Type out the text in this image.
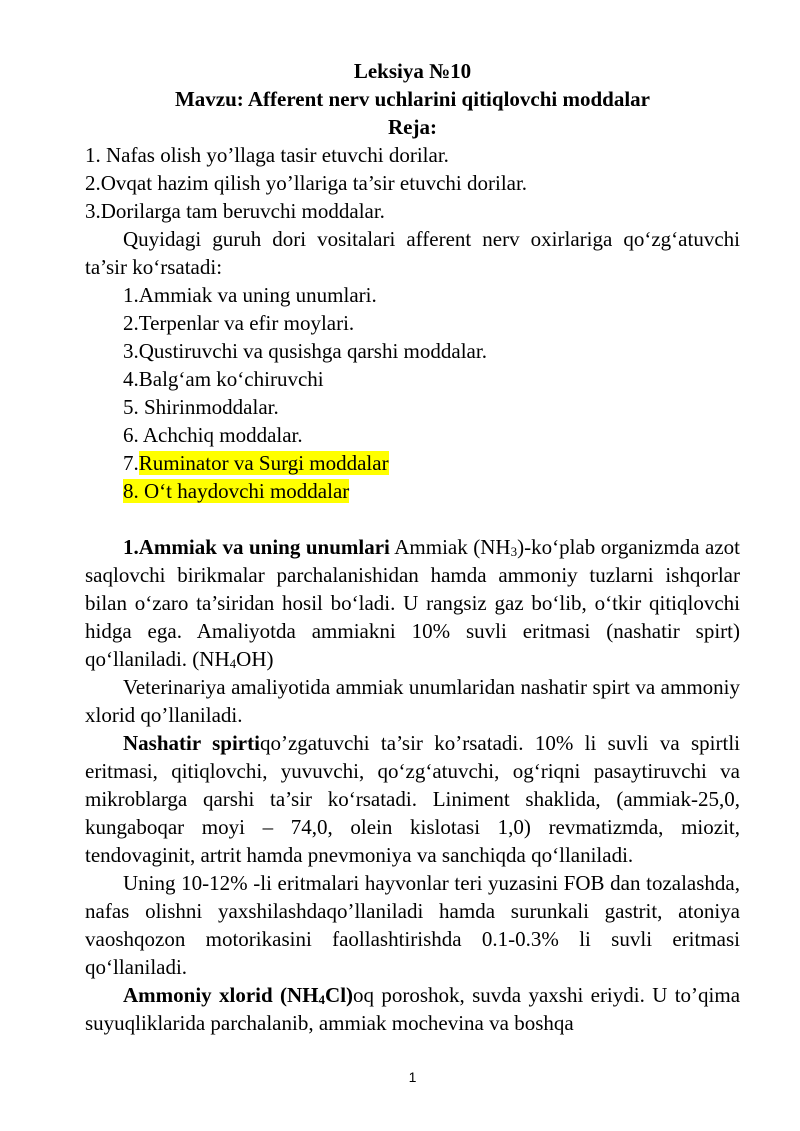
Leksiya №10
Mavzu: Afferent nerv uchlarini qitiqlovchi moddalar
Reja:
1. Nafas olish yo’llaga tasir etuvchi dorilar.
2.Ovqat hazim qilish yo’llariga ta’sir etuvchi dorilar.
3.Dorilarga tam beruvchi moddalar.
Quyidagi guruh dori vositalari afferent nerv oxirlariga qoʻzgʻatuvchi ta’sir koʻrsatadi:
1.Ammiak va uning unumlari.
2.Terpenlar va efir moylari.
3.Qustiruvchi va qusishga qarshi moddalar.
4.Balgʻam koʻchiruvchi
5. Shirinmoddalar.
6. Achchiq moddalar.
7.Ruminator va Surgi moddalar
8. Oʻt haydovchi moddalar
1.Ammiak va uning unumlari Ammiak $(NH_3)$-koʻplab organizmda azot saqlovchi birikmalar parchalanishidan hamda ammoniy tuzlarni ishqorlar bilan oʻzaro ta’siridan hosil boʻladi. U rangsiz gaz boʻlib, oʻtkir qitiqlovchi hidga ega. Amaliyotda ammiakni 10% suvli eritmasi (nashatir spirt) qoʻllaniladi. $(NH_4OH)$
Veterinariya amaliyotida ammiak unumlaridan nashatir spirt va ammoniy xlorid qo’llaniladi.
Nashatir spirtiqo’zgatuvchi ta’sir ko’rsatadi. 10% li suvli va spirtli eritmasi, qitiqlovchi, yuvuvchi, qoʻzgʻatuvchi, ogʻriqni pasaytiruvchi va mikroblarga qarshi ta’sir koʻrsatadi. Liniment shaklida, (ammiak-25,0, kungaboqar moyi – 74,0, olein kislotasi 1,0) revmatizmda, miozit, tendovaginit, artrit hamda pnevmoniya va sanchiqda qoʻllaniladi.
Uning 10-12% -li eritmalari hayvonlar teri yuzasini FOB dan tozalashda, nafas olishni yaxshilashdaqo’llaniladi hamda surunkali gastrit, atoniya vaoshqozon motorikasini faollashtirishda 0.1-0.3% li suvli eritmasi qoʻllaniladi.
Ammoniy xlorid $(NH_4Cl)oq$ poroshok, suvda yaxshi eriydi. U to’qima suyuqliklarida parchalanib, ammiak mochevina va boshqa
1
